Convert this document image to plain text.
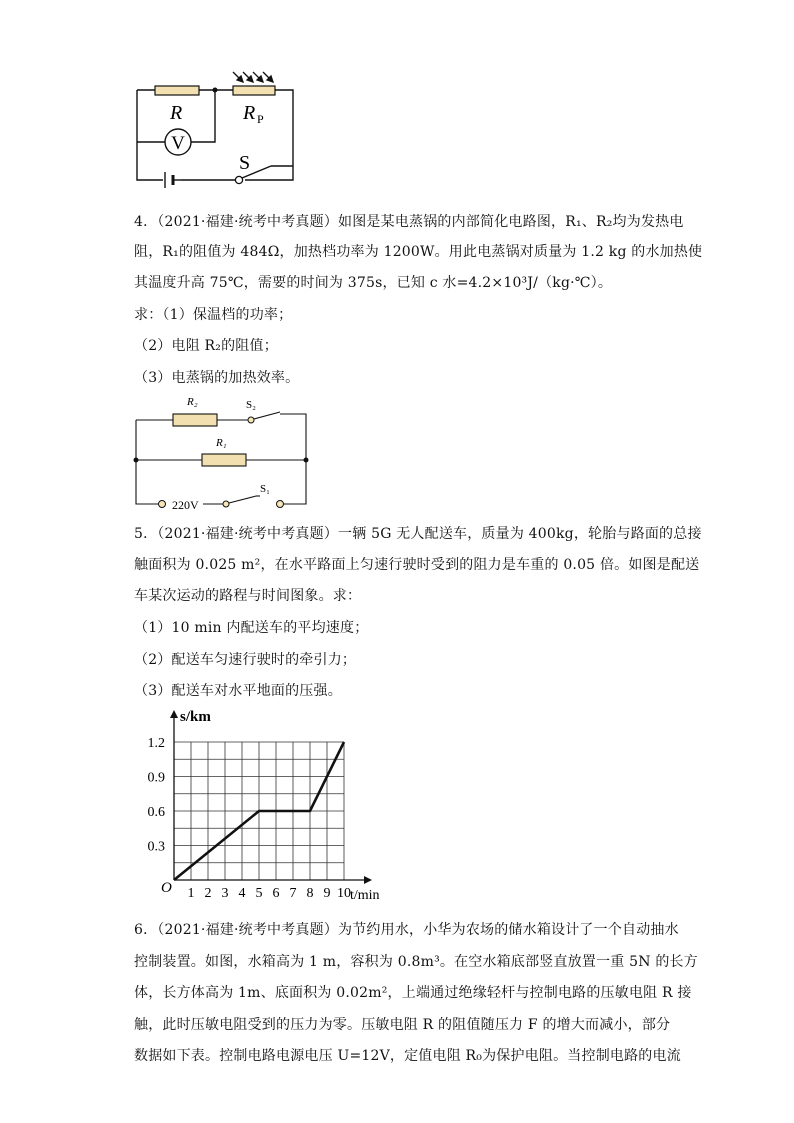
V
R	R P
S
4．（2021·福建·统考中考真题）如图是某电蒸锅的内部简化电路图，R₁、R₂均为发热电
阻，R₁的阻值为 484Ω，加热档功率为 1200W。用此电蒸锅对质量为 1.2 kg 的水加热使
其温度升高 75℃，需要的时间为 375s，已知 c 水=4.2×10³J/（kg·℃）。
求：（1）保温档的功率；
（2）电阻 R₂的阻值；
（3）电蒸锅的加热效率。
R₂	S₂
R₁
220V
S₁
5．（2021·福建·统考中考真题）一辆 5G 无人配送车，质量为 400kg，轮胎与路面的总接
触面积为 0.025 m²，在水平路面上匀速行驶时受到的阻力是车重的 0.05 倍。如图是配送
车某次运动的路程与时间图象。求：
（1）10 min 内配送车的平均速度；
（2）配送车匀速行驶时的牵引力；
（3）配送车对水平地面的压强。
1 2 3 4 5 6 7 8 9 10
0.3
0.6
0.9
1.2
O
s/km
t/min
6．（2021·福建·统考中考真题）为节约用水，小华为农场的储水箱设计了一个自动抽水
控制装置。如图，水箱高为 1 m，容积为 0.8m³。在空水箱底部竖直放置一重 5N 的长方
体，长方体高为 1m、底面积为 0.02m²，上端通过绝缘轻杆与控制电路的压敏电阻 R 接
触，此时压敏电阻受到的压力为零。压敏电阻 R 的阻值随压力 F 的增大而减小，部分
数据如下表。控制电路电源电压 U=12V，定值电阻 R₀为保护电阻。当控制电路的电流
